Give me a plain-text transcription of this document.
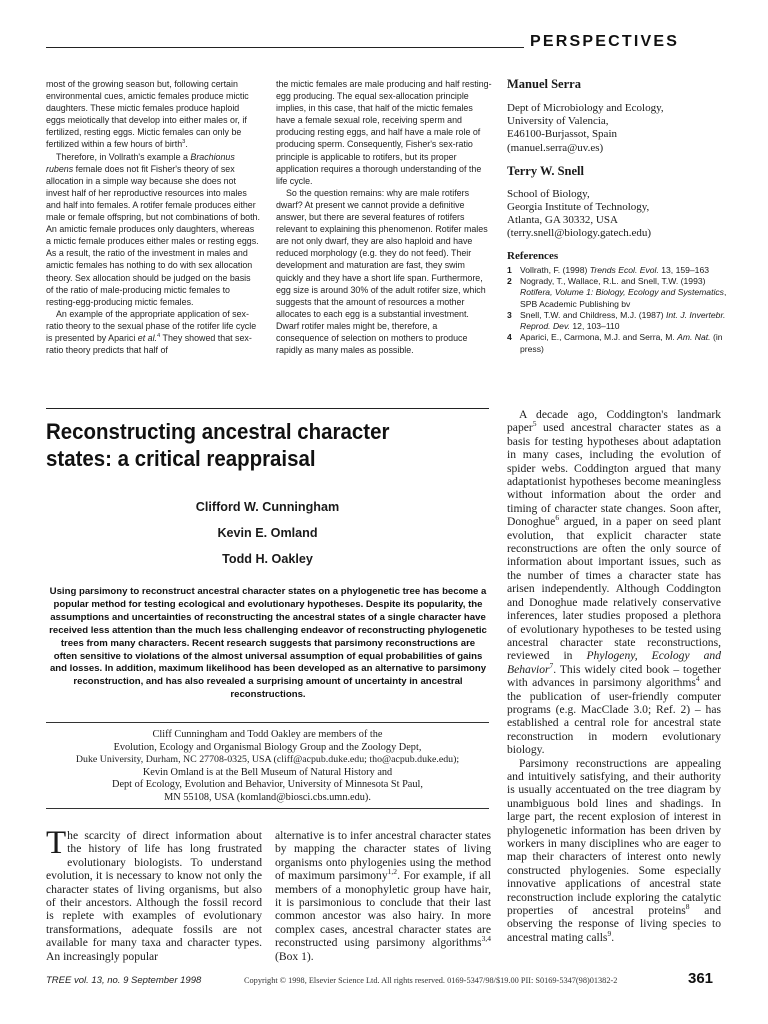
PERSPECTIVES

most of the growing season but, following certain environmental cues, amictic females produce mictic daughters. These mictic females produce haploid eggs meiotically that develop into either males or, if fertilized, resting eggs. Mictic females can only be fertilized within a few hours of birth$^3$.

Therefore, in Vollrath's example a Brachionus rubens female does not fit Fisher's theory of sex allocation in a simple way because she does not invest half of her reproductive resources into males and half into females. A rotifer female produces either male or female offspring, but not combinations of both. An amictic female produces only daughters, whereas a mictic female produces either males or resting eggs. As a result, the ratio of the investment in males and amictic females has nothing to do with sex allocation theory. Sex allocation should be judged on the basis of the ratio of male-producing mictic females to resting-egg-producing mictic females.

An example of the appropriate application of sex-ratio theory to the sexual phase of the rotifer life cycle is presented by Aparici et al.$^4$ They showed that sex-ratio theory predicts that half of

the mictic females are male producing and half resting-egg producing. The equal sex-allocation principle implies, in this case, that half of the mictic females have a female sexual role, receiving sperm and producing resting eggs, and half have a male role of producing sperm. Consequently, Fisher's sex-ratio principle is applicable to rotifers, but its proper application requires a thorough understanding of the life cycle.

So the question remains: why are male rotifers dwarf? At present we cannot provide a definitive answer, but there are several features of rotifers relevant to explaining this phenomenon. Rotifer males are not only dwarf, they are also haploid and have reduced morphology (e.g. they do not feed). Their development and maturation are fast, they swim quickly and they have a short life span. Furthermore, egg size is around 30% of the adult rotifer size, which suggests that the amount of resources a mother allocates to each egg is a substantial investment. Dwarf rotifer males might be, therefore, a consequence of selection on mothers to produce rapidly as many males as possible.

Manuel Serra

Dept of Microbiology and Ecology,

University of Valencia,

E46100-Burjassot, Spain

(manuel.serra@uv.es)

Terry W. Snell

School of Biology,

Georgia Institute of Technology,

Atlanta, GA 30332, USA

(terry.snell@biology.gatech.edu)

References

1 Vollrath, F. (1998) Trends Ecol. Evol. 13, 159–163
2 Nogrady, T., Wallace, R.L. and Snell, T.W. (1993) Rotifera, Volume 1: Biology, Ecology and Systematics, SPB Academic Publishing bv
3 Snell, T.W. and Childress, M.J. (1987) Int. J. Invertebr. Reprod. Dev. 12, 103–110
4 Aparici, E., Carmona, M.J. and Serra, M. Am. Nat. (in press)
Reconstructing ancestral character states: a critical reappraisal
Clifford W. Cunningham
Kevin E. Omland
Todd H. Oakley
Using parsimony to reconstruct ancestral character states on a phylogenetic tree has become a popular method for testing ecological and evolutionary hypotheses. Despite its popularity, the assumptions and uncertainties of reconstructing the ancestral states of a single character have received less attention than the much less challenging endeavor of reconstructing phylogenetic trees from many characters. Recent research suggests that parsimony reconstructions are often sensitive to violations of the almost universal assumption of equal probabilities of gains and losses. In addition, maximum likelihood has been developed as an alternative to parsimony reconstruction, and has also revealed a surprising amount of uncertainty in ancestral reconstructions.
Cliff Cunningham and Todd Oakley are members of the
Evolution, Ecology and Organismal Biology Group and the Zoology Dept,
Duke University, Durham, NC 27708-0325, USA (cliff@acpub.duke.edu; tho@acpub.duke.edu);
Kevin Omland is at the Bell Museum of Natural History and
Dept of Ecology, Evolution and Behavior, University of Minnesota St Paul,
MN 55108, USA (komland@biosci.cbs.umn.edu).

The scarcity of direct information about the history of life has long frustrated evolutionary biologists. To understand evolution, it is necessary to know not only the character states of living organisms, but also of their ancestors. Although the fossil record is replete with examples of evolutionary transformations, adequate fossils are not available for many taxa and character types. An increasingly popular

alternative is to infer ancestral character states by mapping the character states of living organisms onto phylogenies using the method of maximum parsimony$^{1,2}$. For example, if all members of a monophyletic group have hair, it is parsimonious to conclude that their last common ancestor was also hairy. In more complex cases, ancestral character states are reconstructed using parsimony algorithms$^{3,4}$ (Box 1).

A decade ago, Coddington's landmark paper$^5$ used ancestral character states as a basis for testing hypotheses about adaptation in many cases, including the evolution of spider webs. Coddington argued that many adaptationist hypotheses become meaningless without information about the order and timing of character state changes. Soon after, Donoghue$^6$ argued, in a paper on seed plant evolution, that explicit character state reconstructions are often the only source of information about important issues, such as the number of times a character state has arisen independently. Although Coddington and Donoghue made relatively conservative inferences, later studies proposed a plethora of evolutionary hypotheses to be tested using ancestral character state reconstructions, reviewed in Phylogeny, Ecology and Behavior$^7$. This widely cited book – together with advances in parsimony algorithms$^4$ and the publication of user-friendly computer programs (e.g. MacClade 3.0; Ref. 2) – has established a central role for ancestral state reconstruction in modern evolutionary biology.

Parsimony reconstructions are appealing and intuitively satisfying, and their authority is usually accentuated on the tree diagram by unambiguous bold lines and shadings. In large part, the recent explosion of interest in phylogenetic information has been driven by workers in many disciplines who are eager to map their characters of interest onto newly constructed phylogenies. Some especially innovative applications of ancestral state reconstruction include exploring the catalytic properties of ancestral proteins$^8$ and observing the response of living species to ancestral mating calls$^9$.

TREE vol. 13, no. 9 September 1998	Copyright © 1998, Elsevier Science Ltd. All rights reserved. 0169-5347/98/$19.00 PII: S0169-5347(98)01382-2	361
